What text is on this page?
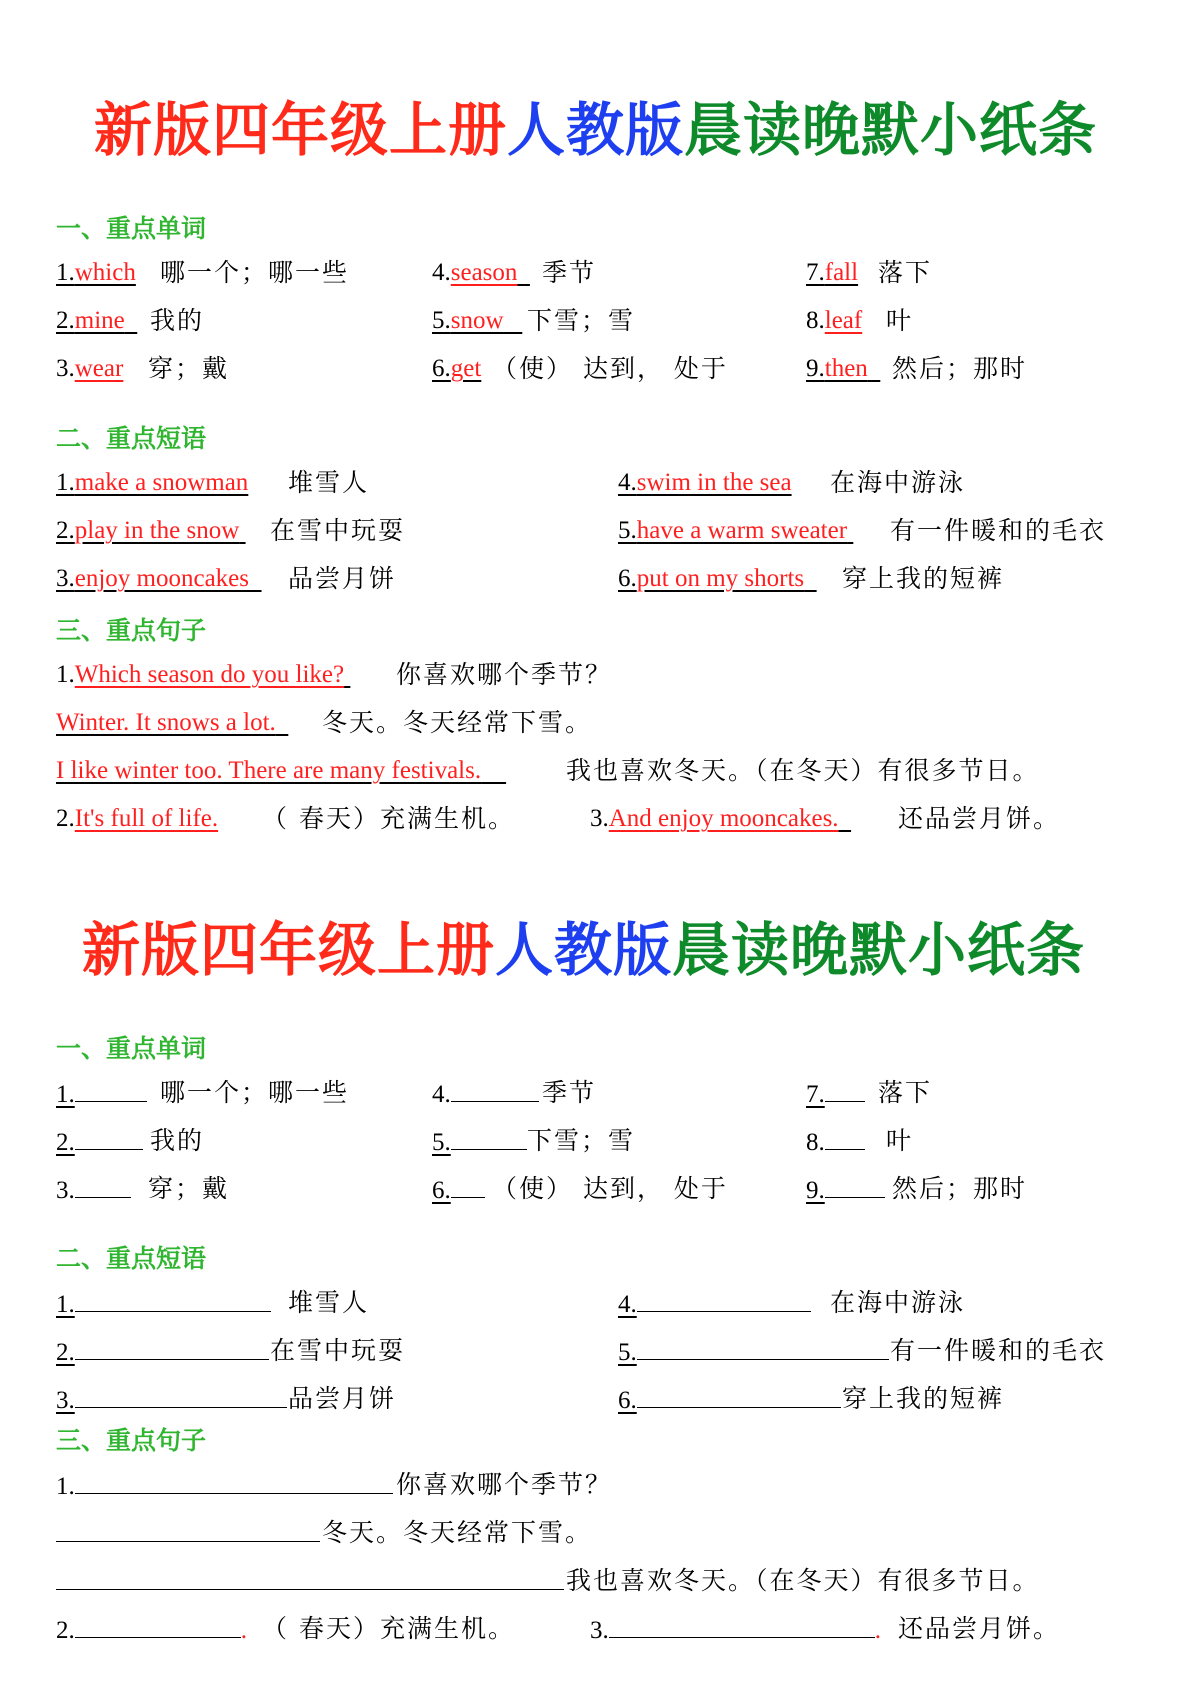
新版四年级上册人教版晨读晚默小纸条
一、重点单词
1.which 哪一个；哪一些	4.season 季节	7.fall 落下
2.mine	我的	5.snow 下雪；雪	8.leaf 叶
3.wear 穿；戴	6.get （使） 达到， 处于	9.then 然后；那时
二、重点短语
1.make a snowman 堆雪人	4.swim in the sea 在海中游泳
2.play in the snow 在雪中玩耍	5.have a warm sweater 有一件暖和的毛衣
3.enjoy mooncakes	品尝月饼	6.put on my shorts	穿上我的短裤
三、重点句子
1.Which season do you like? 你喜欢哪个季节？
Winter. It snows a lot.	冬天。冬天经常下雪。
I like winter too. There are many festivals.	我也喜欢冬天。（在冬天）有很多节日。
2.It's full of life. （ 春天）充满生机。	3.And enjoy mooncakes.	还品尝月饼。
新版四年级上册人教版晨读晚默小纸条
一、重点单词
1.	哪一个；哪一些	4.	季节	7.	落下
2.	我的	5.	下雪；雪	8.	叶
3.	穿；戴	6.	（使） 达到， 处于	9.	然后；那时
二、重点短语
1.	堆雪人	4.	在海中游泳
2.	在雪中玩耍	5.	有一件暖和的毛衣
3.	品尝月饼	6.	穿上我的短裤
三、重点句子
1.	你喜欢哪个季节？
冬天。冬天经常下雪。
我也喜欢冬天。（在冬天）有很多节日。
2.	. （ 春天）充满生机。	3.	. 还品尝月饼。
